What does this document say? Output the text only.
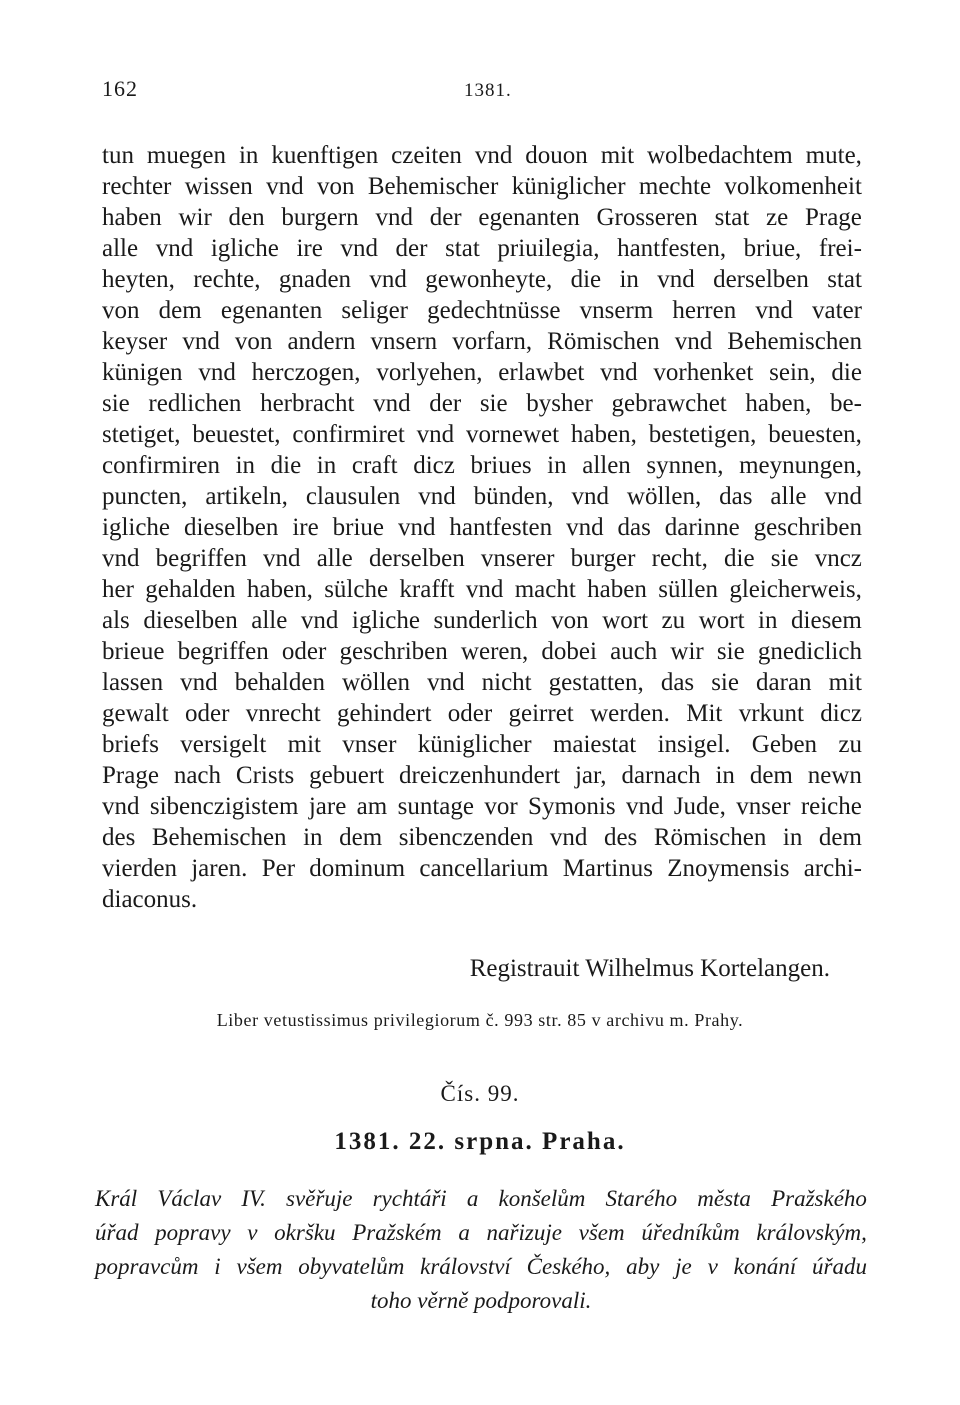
162	1381.
tun muegen in kuenftigen czeiten vnd douon mit wolbedachtem mute,
rechter wissen vnd von Behemischer küniglicher mechte volkomenheit
haben wir den burgern vnd der egenanten Grosseren stat ze Prage
alle vnd igliche ire vnd der stat priuilegia, hantfesten, briue, frei-
heyten, rechte, gnaden vnd gewonheyte, die in vnd derselben stat
von dem egenanten seliger gedechtnüsse vnserm herren vnd vater
keyser vnd von andern vnsern vorfarn, Römischen vnd Behemischen
künigen vnd herczogen, vorlyehen, erlawbet vnd vorhenket sein, die
sie redlichen herbracht vnd der sie bysher gebrawchet haben, be-
stetiget, beuestet, confirmiret vnd vornewet haben, bestetigen, beuesten,
confirmiren in die in craft dicz briues in allen synnen, meynungen,
puncten, artikeln, clausulen vnd bünden, vnd wöllen, das alle vnd
igliche dieselben ire briue vnd hantfesten vnd das darinne geschriben
vnd begriffen vnd alle derselben vnserer burger recht, die sie vncz
her gehalden haben, sülche krafft vnd macht haben süllen gleicherweis,
als dieselben alle vnd igliche sunderlich von wort zu wort in diesem
brieue begriffen oder geschriben weren, dobei auch wir sie gnediclich
lassen vnd behalden wöllen vnd nicht gestatten, das sie daran mit
gewalt oder vnrecht gehindert oder geirret werden. Mit vrkunt dicz
briefs versigelt mit vnser küniglicher maiestat insigel. Geben zu
Prage nach Crists gebuert dreiczenhundert jar, darnach in dem newn
vnd sibenczigistem jare am suntage vor Symonis vnd Jude, vnser reiche
des Behemischen in dem sibenczenden vnd des Römischen in dem
vierden jaren. Per dominum cancellarium Martinus Znoymensis archi-
diaconus.
Registrauit Wilhelmus Kortelangen.
Liber vetustissimus privilegiorum č. 993 str. 85 v archivu m. Prahy.
Čís. 99.
1381. 22. srpna. Praha.
Král Václav IV. svěřuje rychtáři a konšelům Starého města Pražského
úřad popravy v okršku Pražském a nařizuje všem úředníkům královským,
popravcům i všem obyvatelům království Českého, aby je v konání úřadu
toho věrně podporovali.
